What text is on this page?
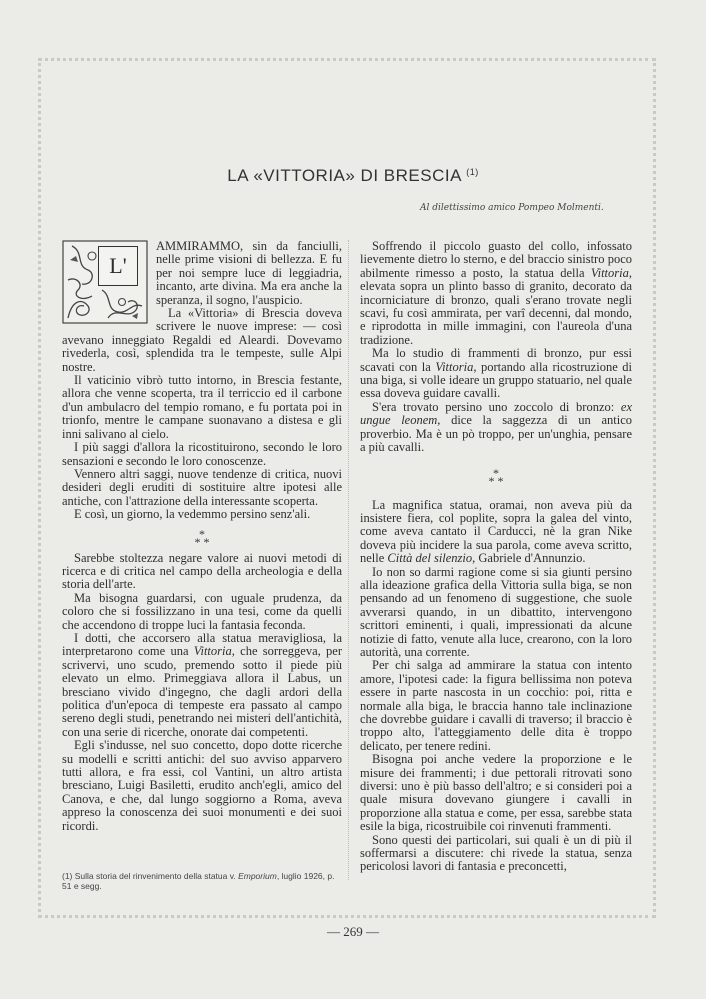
LA «VITTORIA» DI BRESCIA $^{(1)}$
Al dilettissimo amico Pompeo Molmenti.
L'

AMMIRAMMO, sin da fanciulli, nelle prime visioni di bellezza. E fu per noi sempre luce di leggiadria, incanto, arte divina. Ma era anche la speranza, il sogno, l'auspicio.

La «Vittoria» di Brescia doveva scrivere le nuove imprese: — così avevano inneggiato Regaldi ed Aleardi. Dovevamo rivederla, così, splendida tra le tempeste, sulle Alpi nostre.

Il vaticinio vibrò tutto intorno, in Brescia festante, allora che venne scoperta, tra il terriccio ed il carbone d'un ambulacro del tempio romano, e fu portata poi in trionfo, mentre le campane suonavano a distesa e gli inni salivano al cielo.

I più saggi d'allora la ricostituirono, secondo le loro sensazioni e secondo le loro conoscenze.

Vennero altri saggi, nuove tendenze di critica, nuovi desideri degli eruditi di sostituire altre ipotesi alle antiche, con l'attrazione della interessante scoperta.

E così, un giorno, la vedemmo persino senz'ali.

*
* *

Sarebbe stoltezza negare valore ai nuovi metodi di ricerca e di critica nel campo della archeologia e della storia dell'arte.

Ma bisogna guardarsi, con uguale prudenza, da coloro che si fossilizzano in una tesi, come da quelli che accendono di troppe luci la fantasia feconda.

I dotti, che accorsero alla statua meravigliosa, la interpretarono come una Vittoria, che sorreggeva, per scrivervi, uno scudo, premendo sotto il piede più elevato un elmo. Primeggiava allora il Labus, un bresciano vivido d'ingegno, che dagli ardori della politica d'un'epoca di tempeste era passato al campo sereno degli studi, penetrando nei misteri dell'antichità, con una serie di ricerche, onorate dai competenti.

Egli s'indusse, nel suo concetto, dopo dotte ricerche su modelli e scritti antichi: del suo avviso apparvero tutti allora, e fra essi, col Vantini, un altro artista bresciano, Luigi Basiletti, erudito anch'egli, amico del Canova, e che, dal lungo soggiorno a Roma, aveva appreso la conoscenza dei suoi monumenti e dei suoi ricordi.

Soffrendo il piccolo guasto del collo, infossato lievemente dietro lo sterno, e del braccio sinistro poco abilmente rimesso a posto, la statua della Vittoria, elevata sopra un plinto basso di granito, decorato da incorniciature di bronzo, quali s'erano trovate negli scavi, fu così ammirata, per varî decenni, dal mondo, e riprodotta in mille immagini, con l'aureola d'una tradizione.

Ma lo studio di frammenti di bronzo, pur essi scavati con la Vittoria, portando alla ricostruzione di una biga, si volle ideare un gruppo statuario, nel quale essa doveva guidare cavalli.

S'era trovato persino uno zoccolo di bronzo: ex ungue leonem, dice la saggezza di un antico proverbio. Ma è un pò troppo, per un'unghia, pensare a più cavalli.

*
* *

La magnifica statua, oramai, non aveva più da insistere fiera, col poplite, sopra la galea del vinto, come aveva cantato il Carducci, nè la gran Nike doveva più incidere la sua parola, come aveva scritto, nelle Città del silenzio, Gabriele d'Annunzio.

Io non so darmi ragione come si sia giunti persino alla ideazione grafica della Vittoria sulla biga, se non pensando ad un fenomeno di suggestione, che suole avverarsi quando, in un dibattito, intervengono scrittori eminenti, i quali, impressionati da alcune notizie di fatto, venute alla luce, crearono, con la loro autorità, una corrente.

Per chi salga ad ammirare la statua con intento amore, l'ipotesi cade: la figura bellissima non poteva essere in parte nascosta in un cocchio: poi, ritta e normale alla biga, le braccia hanno tale inclinazione che dovrebbe guidare i cavalli di traverso; il braccio è troppo alto, l'atteggiamento delle dita è troppo delicato, per tenere redini.

Bisogna poi anche vedere la proporzione e le misure dei frammenti; i due pettorali ritrovati sono diversi: uno è più basso dell'altro; e si consideri poi a quale misura dovevano giungere i cavalli in proporzione alla statua e come, per essa, sarebbe stata esile la biga, ricostruibile coi rinvenuti frammenti.

Sono questi dei particolari, sui quali è un di più il soffermarsi a discutere: chi rivede la statua, senza pericolosi lavori di fantasia e preconcetti,

(1) Sulla storia del rinvenimento della statua v. Emporium, luglio 1926, p. 51 e segg.
— 269 —
